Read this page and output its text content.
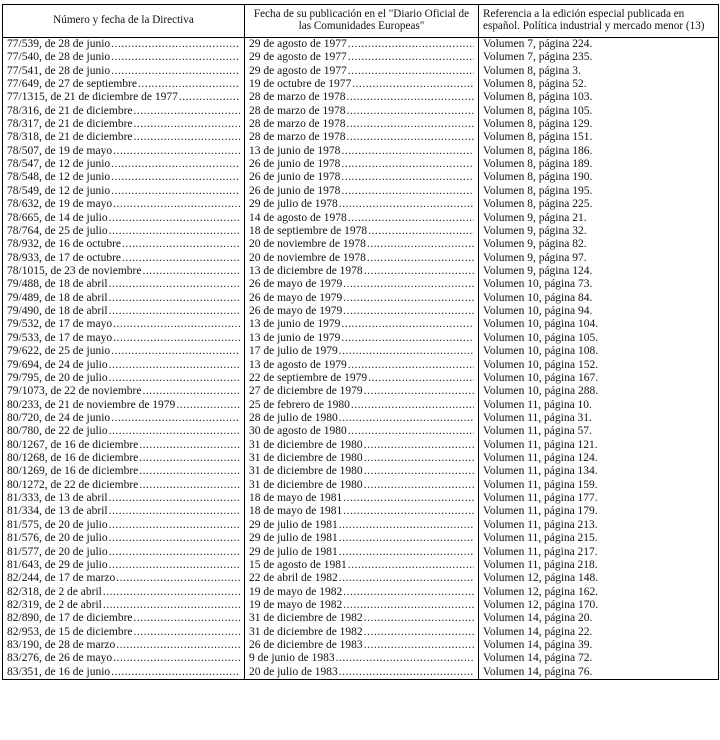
Número y fecha de la Directiva	Fecha de su publicación en el "Diario Oficial de las Comunidades Europeas"	Referencia a la edición especial publicada en español. Política industrial y mercado menor (13)

77/539, de 28 de junio
.....	29 de agosto de 1977
.....	Volumen 7, página 224.

77/540, de 28 de junio
.....	29 de agosto de 1977
.....	Volumen 7, página 235.

77/541, de 28 de junio
.....	29 de agosto de 1977
.....	Volumen 8, página 3.

77/649, de 27 de septiembre
.....	19 de octubre de 1977
.....	Volumen 8, página 52.

77/1315, de 21 de diciembre de 1977
.....	28 de marzo de 1978
.....	Volumen 8, página 103.

78/316, de 21 de diciembre
.....	28 de marzo de 1978
.....	Volumen 8, página 105.

78/317, de 21 de diciembre
.....	28 de marzo de 1978
.....	Volumen 8, página 129.

78/318, de 21 de diciembre
.....	28 de marzo de 1978
.....	Volumen 8, página 151.

78/507, de 19 de mayo
.....	13 de junio de 1978
.....	Volumen 8, página 186.

78/547, de 12 de junio
.....	26 de junio de 1978
.....	Volumen 8, página 189.

78/548, de 12 de junio
.....	26 de junio de 1978
.....	Volumen 8, página 190.

78/549, de 12 de junio
.....	26 de junio de 1978
.....	Volumen 8, página 195.

78/632, de 19 de mayo
.....	29 de julio de 1978
.....	Volumen 8, página 225.

78/665, de 14 de julio
.....	14 de agosto de 1978
.....	Volumen 9, página 21.

78/764, de 25 de julio
.....	18 de septiembre de 1978
.....	Volumen 9, página 32.

78/932, de 16 de octubre
.....	20 de noviembre de 1978
.....	Volumen 9, página 82.

78/933, de 17 de octubre
.....	20 de noviembre de 1978
.....	Volumen 9, página 97.

78/1015, de 23 de noviembre
.....	13 de diciembre de 1978
.....	Volumen 9, página 124.

79/488, de 18 de abril
.....	26 de mayo de 1979
.....	Volumen 10, página 73.

79/489, de 18 de abril
.....	26 de mayo de 1979
.....	Volumen 10, página 84.

79/490, de 18 de abril
.....	26 de mayo de 1979
.....	Volumen 10, página 94.

79/532, de 17 de mayo
.....	13 de junio de 1979
.....	Volumen 10, página 104.

79/533, de 17 de mayo
.....	13 de junio de 1979
.....	Volumen 10, página 105.

79/622, de 25 de junio
.....	17 de julio de 1979
.....	Volumen 10, página 108.

79/694, de 24 de julio
.....	13 de agosto de 1979
.....	Volumen 10, página 152.

79/795, de 20 de julio
.....	22 de septiembre de 1979
.....	Volumen 10, página 167.

79/1073, de 22 de noviembre
.....	27 de diciembre de 1979
.....	Volumen 10, página 288.

80/233, de 21 de noviembre de 1979
.....	25 de febrero de 1980
.....	Volumen 11, página 10.

80/720, de 24 de junio
.....	28 de julio de 1980
.....	Volumen 11, página 31.

80/780, de 22 de julio
.....	30 de agosto de 1980
.....	Volumen 11, página 57.

80/1267, de 16 de diciembre
.....	31 de diciembre de 1980
.....	Volumen 11, página 121.

80/1268, de 16 de diciembre
.....	31 de diciembre de 1980
.....	Volumen 11, página 124.

80/1269, de 16 de diciembre
.....	31 de diciembre de 1980
.....	Volumen 11, página 134.

80/1272, de 22 de diciembre
.....	31 de diciembre de 1980
.....	Volumen 11, página 159.

81/333, de 13 de abril
.....	18 de mayo de 1981
.....	Volumen 11, página 177.

81/334, de 13 de abril
.....	18 de mayo de 1981
.....	Volumen 11, página 179.

81/575, de 20 de julio
.....	29 de julio de 1981
.....	Volumen 11, página 213.

81/576, de 20 de julio
.....	29 de julio de 1981
.....	Volumen 11, página 215.

81/577, de 20 de julio
.....	29 de julio de 1981
.....	Volumen 11, página 217.

81/643, de 29 de julio
.....	15 de agosto de 1981
.....	Volumen 11, página 218.

82/244, de 17 de marzo
.....	22 de abril de 1982
.....	Volumen 12, página 148.

82/318, de 2 de abril
.....	19 de mayo de 1982
.....	Volumen 12, página 162.

82/319, de 2 de abril
.....	19 de mayo de 1982
.....	Volumen 12, página 170.

82/890, de 17 de diciembre
.....	31 de diciembre de 1982
.....	Volumen 14, página 20.

82/953, de 15 de diciembre
.....	31 de diciembre de 1982
.....	Volumen 14, página 22.

83/190, de 28 de marzo
.....	26 de diciembre de 1983
.....	Volumen 14, página 39.

83/276, de 26 de mayo
.....	9 de junio de 1983
.....	Volumen 14, página 72.

83/351, de 16 de junio
.....	20 de julio de 1983
.....	Volumen 14, página 76.
